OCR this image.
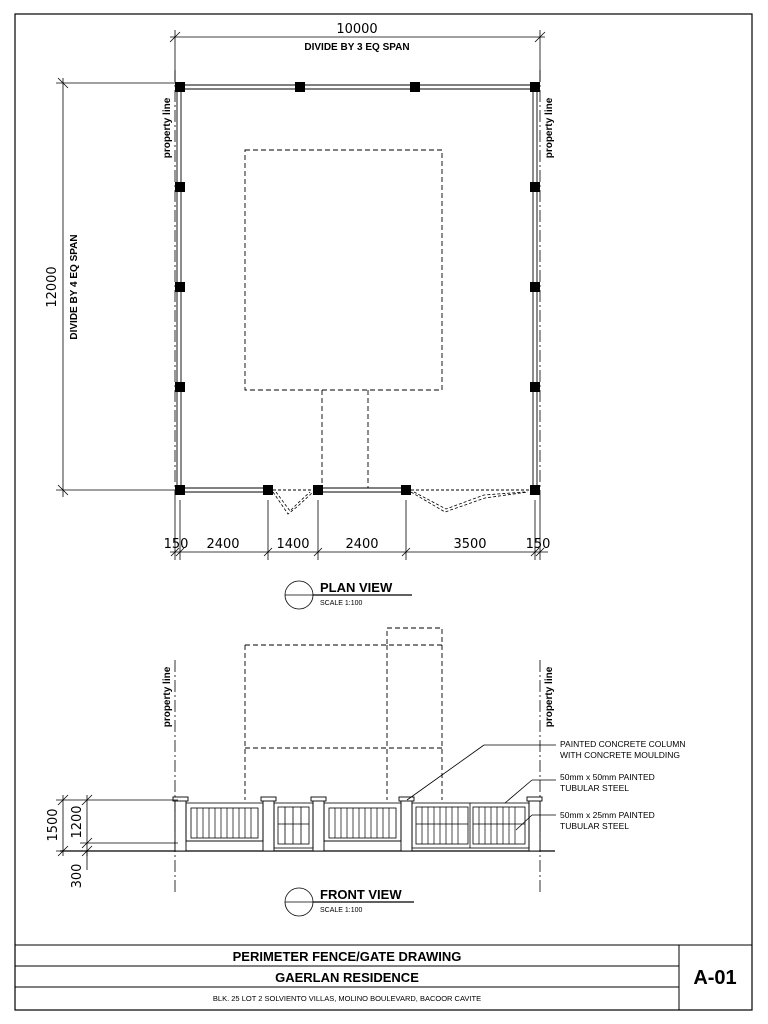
10000
DIVIDE BY 3 EQ SPAN
12000 DIVIDE BY 4 EQ SPAN
property line	property line
150 2400	1400	2400	3500	150
PLAN VIEW
SCALE 1:100
property line	property line
1500 1200
300
PAINTED CONCRETE COLUMN
WITH CONCRETE MOULDING
50mm x 50mm PAINTED
TUBULAR STEEL
50mm x 25mm PAINTED
TUBULAR STEEL
FRONT VIEW
SCALE 1:100
PERIMETER FENCE/GATE DRAWING
GAERLAN RESIDENCE
BLK. 25 LOT 2 SOLVIENTO VILLAS, MOLINO BOULEVARD, BACOOR CAVITE
A-01
